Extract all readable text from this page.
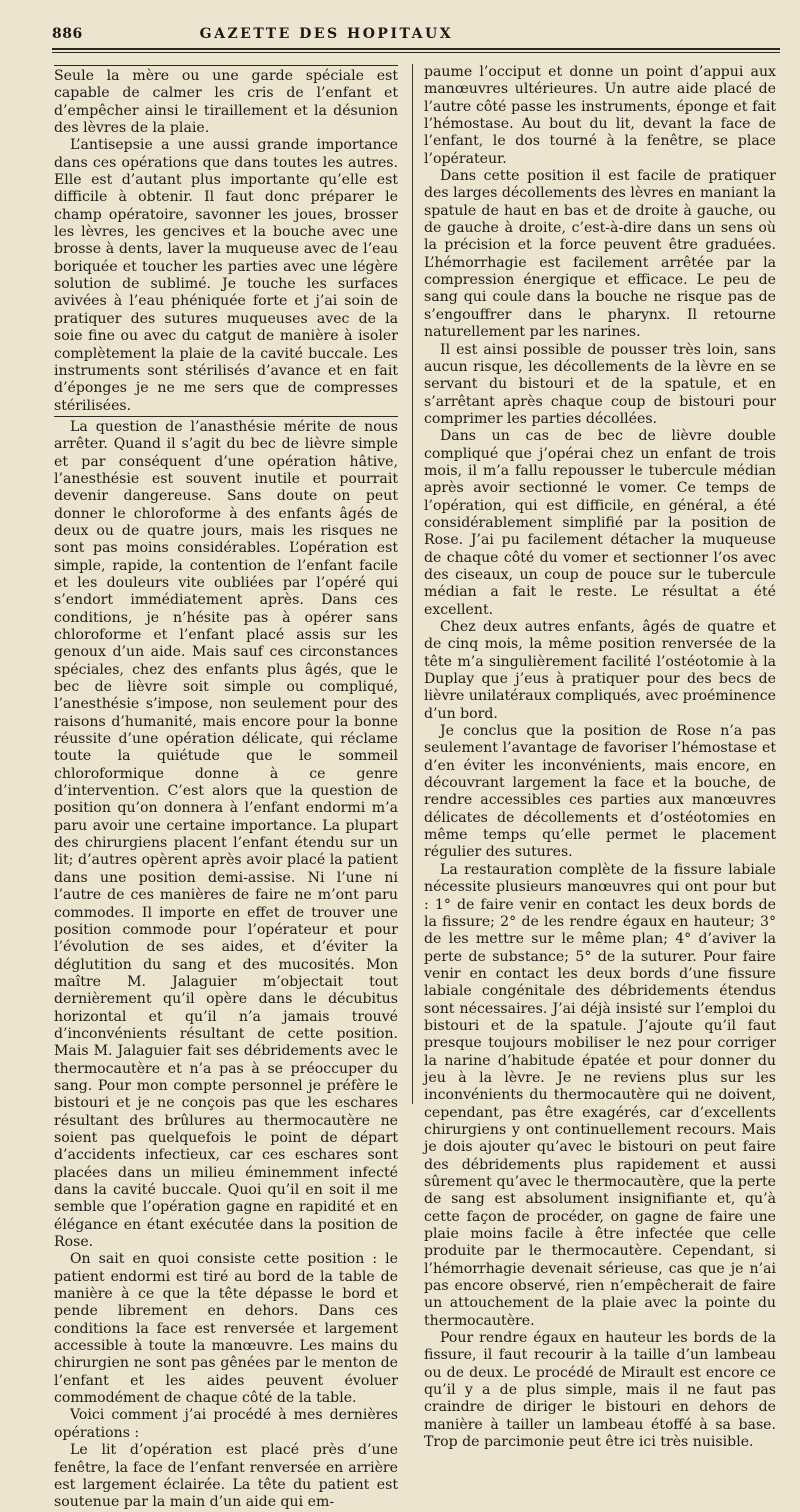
886	GAZETTE DES HOPITAUX

Seule la mère ou une garde spéciale est capable de calmer les cris de l’enfant et d’empêcher ainsi le tiraillement et la désunion des lèvres de la plaie.

L’antisepsie a une aussi grande importance dans ces opérations que dans toutes les autres. Elle est d’autant plus importante qu’elle est difficile à obtenir. Il faut donc préparer le champ opératoire, savonner les joues, brosser les lèvres, les gencives et la bouche avec une brosse à dents, laver la muqueuse avec de l’eau boriquée et toucher les parties avec une légère solution de sublimé. Je touche les surfaces avivées à l’eau phéniquée forte et j’ai soin de pratiquer des sutures muqueuses avec de la soie fine ou avec du catgut de manière à isoler complètement la plaie de la cavité buccale. Les instruments sont stérilisés d’avance et en fait d’éponges je ne me sers que de compresses stérilisées.

La question de l’anasthésie mérite de nous arrêter. Quand il s’agit du bec de lièvre simple et par conséquent d’une opération hâtive, l’anesthésie est souvent inutile et pourrait devenir dangereuse. Sans doute on peut donner le chloroforme à des enfants âgés de deux ou de quatre jours, mais les risques ne sont pas moins considérables. L’opération est simple, rapide, la contention de l’enfant facile et les douleurs vite oubliées par l’opéré qui s’endort immédiatement après. Dans ces conditions, je n’hésite pas à opérer sans chloroforme et l’enfant placé assis sur les genoux d’un aide. Mais sauf ces circonstances spéciales, chez des enfants plus âgés, que le bec de lièvre soit simple ou compliqué, l’anesthésie s’impose, non seulement pour des raisons d’humanité, mais encore pour la bonne réussite d’une opération délicate, qui réclame toute la quiétude que le sommeil chloroformique donne à ce genre d’intervention. C’est alors que la question de position qu’on donnera à l’enfant endormi m’a paru avoir une certaine importance. La plupart des chirurgiens placent l’enfant étendu sur un lit; d’autres opèrent après avoir placé la patient dans une position demi-assise. Ni l’une ni l’autre de ces manières de faire ne m’ont paru commodes. Il importe en effet de trouver une position commode pour l’opérateur et pour l’évolution de ses aides, et d’éviter la déglutition du sang et des mucosités. Mon maître M. Jalaguier m’objectait tout dernièrement qu’il opère dans le décubitus horizontal et qu’il n’a jamais trouvé d’inconvénients résultant de cette position. Mais M. Jalaguier fait ses débridements avec le thermocautère et n’a pas à se préoccuper du sang. Pour mon compte personnel je préfère le bistouri et je ne conçois pas que les eschares résultant des brûlures au thermocautère ne soient pas quelquefois le point de départ d’accidents infectieux, car ces eschares sont placées dans un milieu éminemment infecté dans la cavité buccale. Quoi qu’il en soit il me semble que l’opération gagne en rapidité et en élégance en étant exécutée dans la position de Rose.

On sait en quoi consiste cette position : le patient endormi est tiré au bord de la table de manière à ce que la tête dépasse le bord et pende librement en dehors. Dans ces conditions la face est renversée et largement accessible à toute la manœuvre. Les mains du chirurgien ne sont pas gênées par le menton de l’enfant et les aides peuvent évoluer commodément de chaque côté de la table.

Voici comment j’ai procédé à mes dernières opérations :

Le lit d’opération est placé près d’une fenêtre, la face de l’enfant renversée en arrière est largement éclairée. La tête du patient est soutenue par la main d’un aide qui em-

paume l’occiput et donne un point d’appui aux manœuvres ultérieures. Un autre aide placé de l’autre côté passe les instruments, éponge et fait l’hémostase. Au bout du lit, devant la face de l’enfant, le dos tourné à la fenêtre, se place l’opérateur.

Dans cette position il est facile de pratiquer des larges décollements des lèvres en maniant la spatule de haut en bas et de droite à gauche, ou de gauche à droite, c’est-à-dire dans un sens où la précision et la force peuvent être graduées. L’hémorrhagie est facilement arrêtée par la compression énergique et efficace. Le peu de sang qui coule dans la bouche ne risque pas de s’engouffrer dans le pharynx. Il retourne naturellement par les narines.

Il est ainsi possible de pousser très loin, sans aucun risque, les décollements de la lèvre en se servant du bistouri et de la spatule, et en s’arrêtant après chaque coup de bistouri pour comprimer les parties décollées.

Dans un cas de bec de lièvre double compliqué que j’opérai chez un enfant de trois mois, il m’a fallu repousser le tubercule médian après avoir sectionné le vomer. Ce temps de l’opération, qui est difficile, en général, a été considérablement simplifié par la position de Rose. J’ai pu facilement détacher la muqueuse de chaque côté du vomer et sectionner l’os avec des ciseaux, un coup de pouce sur le tubercule médian a fait le reste. Le résultat a été excellent.

Chez deux autres enfants, âgés de quatre et de cinq mois, la même position renversée de la tête m’a singulièrement facilité l’ostéotomie à la Duplay que j’eus à pratiquer pour des becs de lièvre unilatéraux compliqués, avec proéminence d’un bord.

Je conclus que la position de Rose n’a pas seulement l’avantage de favoriser l’hémostase et d’en éviter les inconvénients, mais encore, en découvrant largement la face et la bouche, de rendre accessibles ces parties aux manœuvres délicates de décollements et d’ostéotomies en même temps qu’elle permet le placement régulier des sutures.

La restauration complète de la fissure labiale nécessite plusieurs manœuvres qui ont pour but : 1° de faire venir en contact les deux bords de la fissure; 2° de les rendre égaux en hauteur; 3° de les mettre sur le même plan; 4° d’aviver la perte de substance; 5° de la suturer. Pour faire venir en contact les deux bords d’une fissure labiale congénitale des débridements étendus sont nécessaires. J’ai déjà insisté sur l’emploi du bistouri et de la spatule. J’ajoute qu’il faut presque toujours mobiliser le nez pour corriger la narine d’habitude épatée et pour donner du jeu à la lèvre. Je ne reviens plus sur les inconvénients du thermocautère qui ne doivent, cependant, pas être exagérés, car d’excellents chirurgiens y ont continuellement recours. Mais je dois ajouter qu’avec le bistouri on peut faire des débridements plus rapidement et aussi sûrement qu’avec le thermocautère, que la perte de sang est absolument insignifiante et, qu’à cette façon de procéder, on gagne de faire une plaie moins facile à être infectée que celle produite par le thermocautère. Cependant, si l’hémorrhagie devenait sérieuse, cas que je n’ai pas encore observé, rien n’empêcherait de faire un attouchement de la plaie avec la pointe du thermocautère.

Pour rendre égaux en hauteur les bords de la fissure, il faut recourir à la taille d’un lambeau ou de deux. Le procédé de Mirault est encore ce qu’il y a de plus simple, mais il ne faut pas craindre de diriger le bistouri en dehors de manière à tailler un lambeau étoffé à sa base. Trop de parcimonie peut être ici très nuisible.
